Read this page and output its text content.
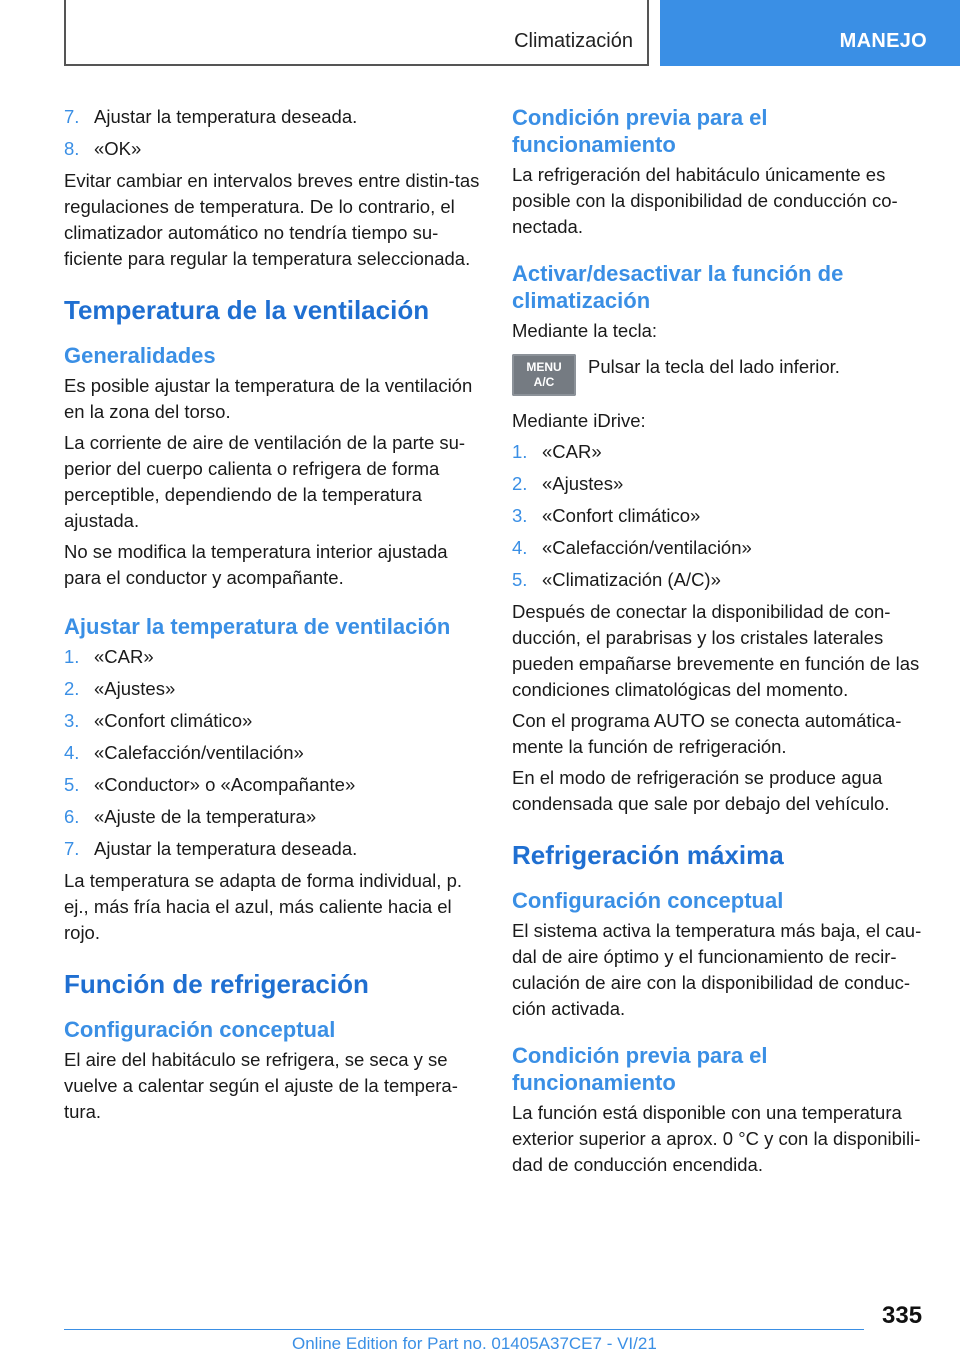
Climatización	MANEJO
7. Ajustar la temperatura deseada.
8. «OK»

Evitar cambiar en intervalos breves entre distin-tas regulaciones de temperatura. De lo contrario, el climatizador automático no tendría tiempo su-ficiente para regular la temperatura seleccionada.

Temperatura de la ventilación
Generalidades

Es posible ajustar la temperatura de la ventilación en la zona del torso.

La corriente de aire de ventilación de la parte su-perior del cuerpo calienta o refrigera de forma perceptible, dependiendo de la temperatura ajustada.

No se modifica la temperatura interior ajustada para el conductor y acompañante.

Ajustar la temperatura de ventilación
1. «CAR»
2. «Ajustes»
3. «Confort climático»
4. «Calefacción/ventilación»
5. «Conductor» o «Acompañante»
6. «Ajuste de la temperatura»
7. Ajustar la temperatura deseada.

La temperatura se adapta de forma individual, p. ej., más fría hacia el azul, más caliente hacia el rojo.

Función de refrigeración
Configuración conceptual

El aire del habitáculo se refrigera, se seca y se vuelve a calentar según el ajuste de la tempera-tura.

Condición previa para el funcionamiento

La refrigeración del habitáculo únicamente es posible con la disponibilidad de conducción co-nectada.

Activar/desactivar la función de climatización

Mediante la tecla:

MENU
A/C
Pulsar la tecla del lado inferior.

Mediante iDrive:

1. «CAR»
2. «Ajustes»
3. «Confort climático»
4. «Calefacción/ventilación»
5. «Climatización (A/C)»

Después de conectar la disponibilidad de con-ducción, el parabrisas y los cristales laterales pueden empañarse brevemente en función de las condiciones climatológicas del momento.

Con el programa AUTO se conecta automática-mente la función de refrigeración.

En el modo de refrigeración se produce agua condensada que sale por debajo del vehículo.

Refrigeración máxima
Configuración conceptual

El sistema activa la temperatura más baja, el cau-dal de aire óptimo y el funcionamiento de recir-culación de aire con la disponibilidad de conduc-ción activada.

Condición previa para el funcionamiento

La función está disponible con una temperatura exterior superior a aprox. 0 °C y con la disponibili-dad de conducción encendida.

335
Online Edition for Part no. 01405A37CE7 - VI/21
